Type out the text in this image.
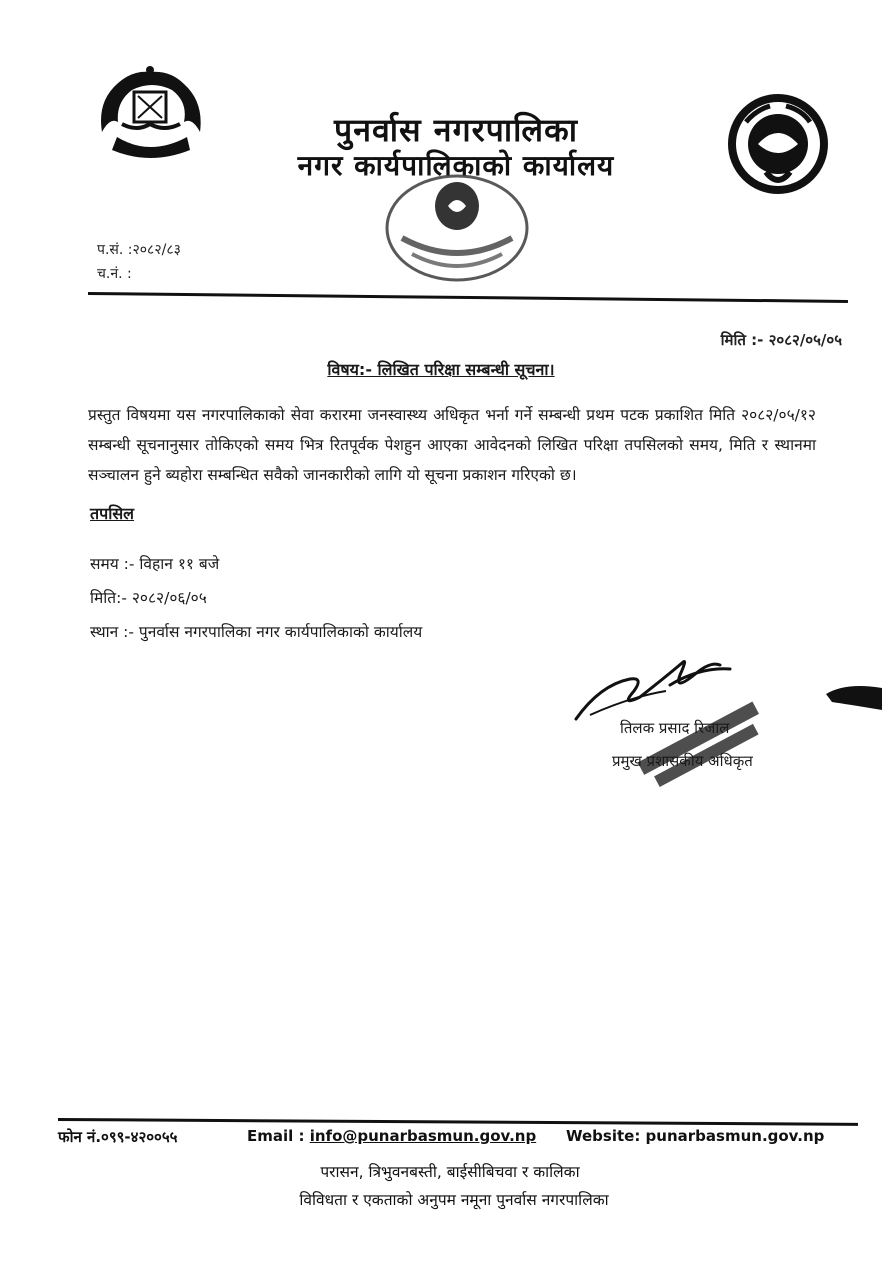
पुनर्वास नगरपालिका
नगर कार्यपालिकाको कार्यालय
प.सं. :२०८२/८३
च.नं. :
मिति :- २०८२/०५/०५
विषय:- लिखित परिक्षा सम्बन्धी सूचना।
प्रस्तुत विषयमा यस नगरपालिकाको सेवा करारमा जनस्वास्थ्य अधिकृत भर्ना गर्ने सम्बन्धी प्रथम पटक प्रकाशित मिति २०८२/०५/१२ सम्बन्धी सूचनानुसार तोकिएको समय भित्र रितपूर्वक पेशहुन आएका आवेदनको लिखित परिक्षा तपसिलको समय, मिति र स्थानमा सञ्चालन हुने ब्यहोरा सम्बन्धित सवैको जानकारीको लागि यो सूचना प्रकाशन गरिएको छ।
तपसिल
समय :- विहान ११ बजे
मिति:- २०८२/०६/०५
स्थान :- पुनर्वास नगरपालिका नगर कार्यपालिकाको कार्यालय
तिलक प्रसाद रिजाल
प्रमुख प्रशासकीय अधिकृत
फोन नं.०९९-४२००५५	Email : info@punarbasmun.gov.np Website: punarbasmun.gov.np
परासन, त्रिभुवनबस्ती, बाईसीबिचवा र कालिका
विविधता र एकताको अनुपम नमूना पुनर्वास नगरपालिका
